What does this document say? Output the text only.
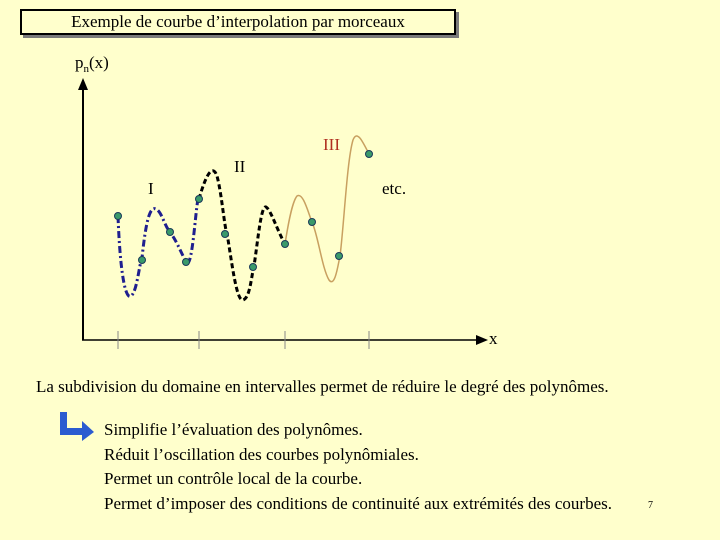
Exemple de courbe d’interpolation par morceaux
$p_n(x)$
x
I
II
III
etc.
La subdivision du domaine en intervalles permet de réduire le degré des polynômes.
Simplifie l’évaluation des polynômes.
Réduit l’oscillation des courbes polynômiales.
Permet un contrôle local de la courbe.
Permet d’imposer des conditions de continuité aux extrémités des courbes.	7
